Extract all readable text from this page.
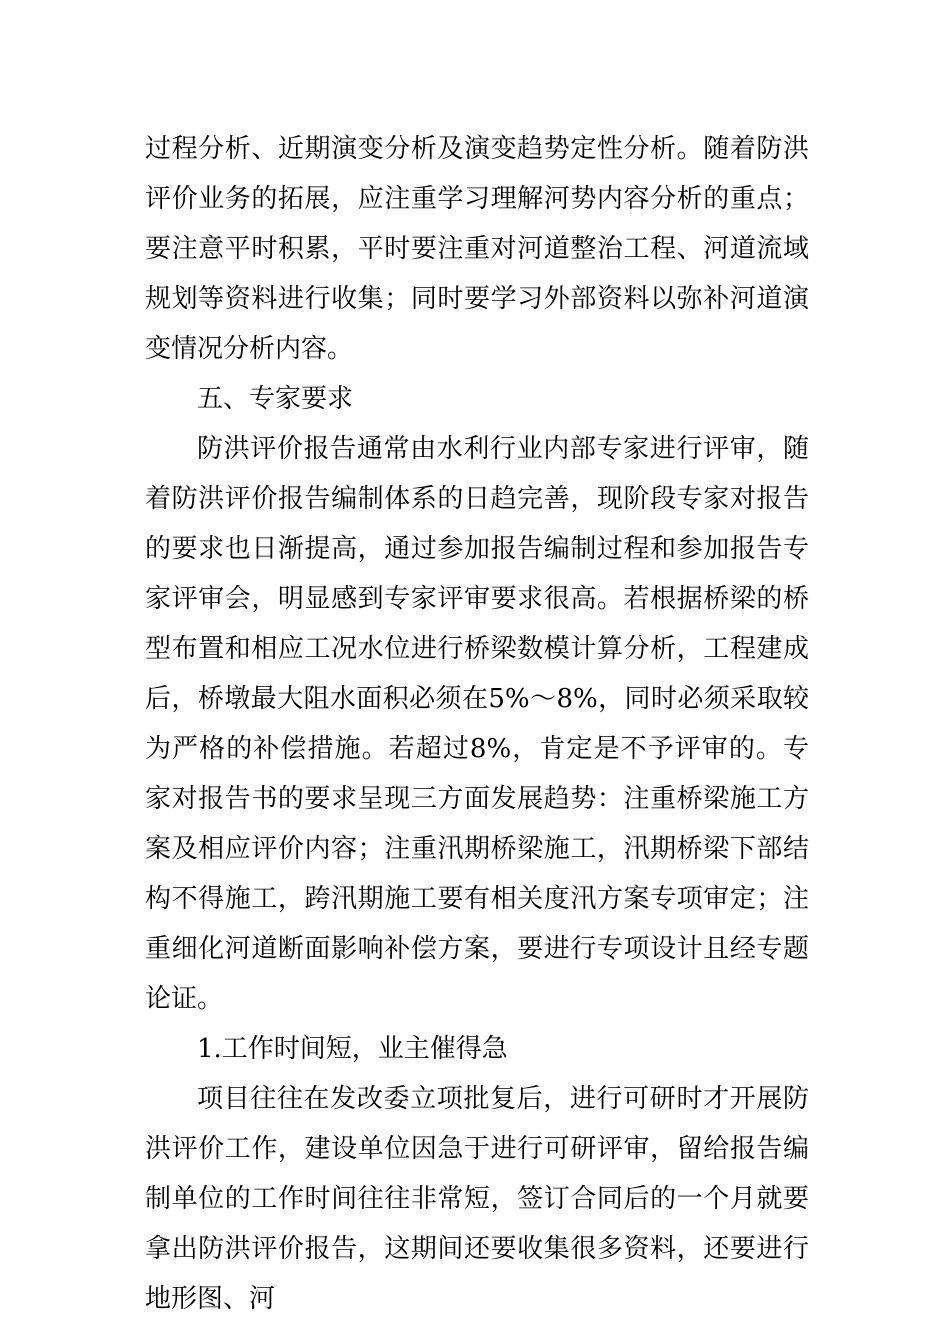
过程分析、近期演变分析及演变趋势定性分析。随着防洪评价业务的拓展，应注重学习理解河势内容分析的重点；要注意平时积累，平时要注重对河道整治工程、河道流域规划等资料进行收集；同时要学习外部资料以弥补河道演变情况分析内容。

五、专家要求

防洪评价报告通常由水利行业内部专家进行评审，随着防洪评价报告编制体系的日趋完善，现阶段专家对报告的要求也日渐提高，通过参加报告编制过程和参加报告专家评审会，明显感到专家评审要求很高。若根据桥梁的桥型布置和相应工况水位进行桥梁数模计算分析，工程建成后，桥墩最大阻水面积必须在5%～8%，同时必须采取较为严格的补偿措施。若超过8%，肯定是不予评审的。专家对报告书的要求呈现三方面发展趋势：注重桥梁施工方案及相应评价内容；注重汛期桥梁施工，汛期桥梁下部结构不得施工，跨汛期施工要有相关度汛方案专项审定；注重细化河道断面影响补偿方案，要进行专项设计且经专题论证。

1.工作时间短，业主催得急

项目往往在发改委立项批复后，进行可研时才开展防洪评价工作，建设单位因急于进行可研评审，留给报告编制单位的工作时间往往非常短，签订合同后的一个月就要拿出防洪评价报告，这期间还要收集很多资料，还要进行地形图、河
